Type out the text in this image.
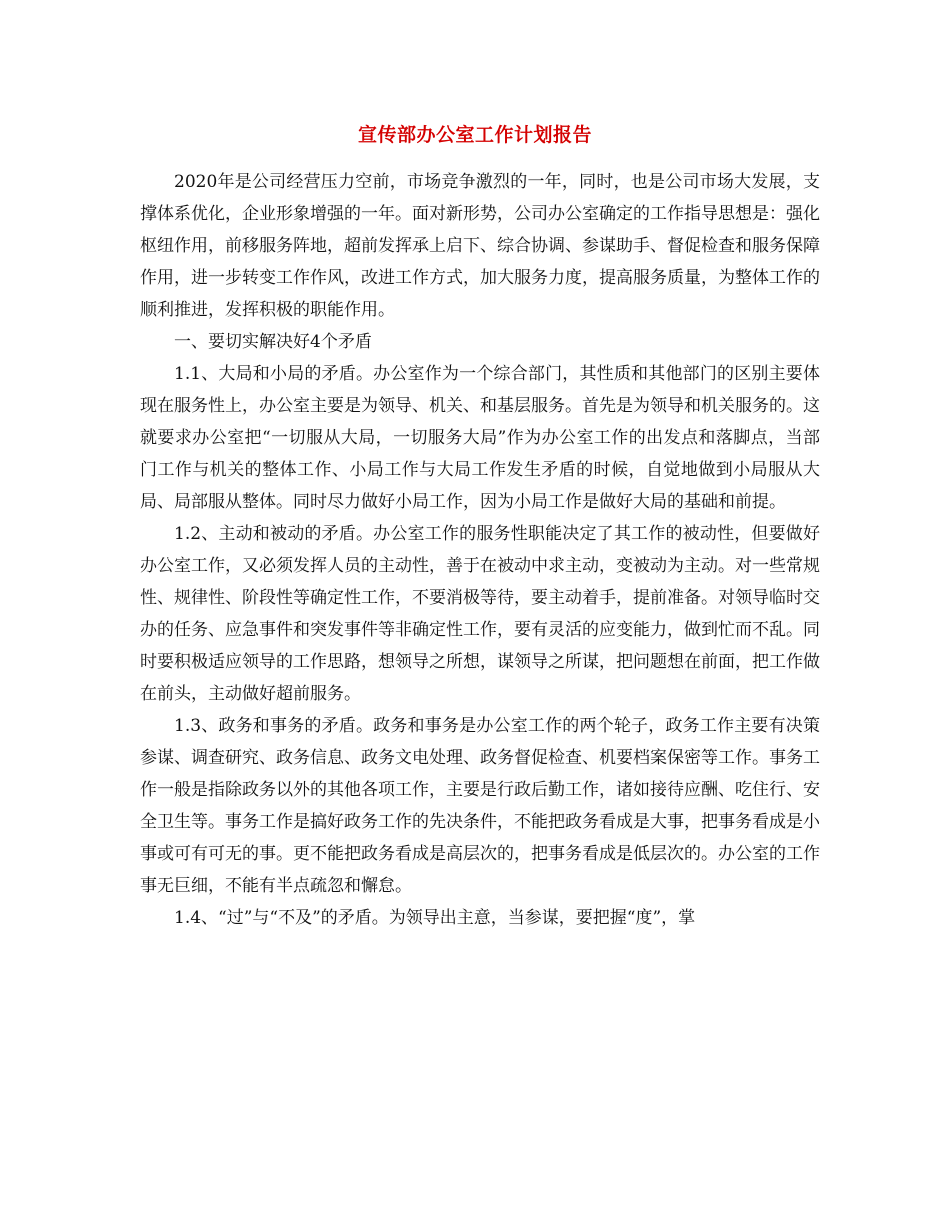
宣传部办公室工作计划报告

2020年是公司经营压力空前，市场竞争激烈的一年，同时，也是公司市场大发展，支撑体系优化，企业形象增强的一年。面对新形势，公司办公室确定的工作指导思想是：强化枢纽作用，前移服务阵地，超前发挥承上启下、综合协调、参谋助手、督促检查和服务保障作用，进一步转变工作作风，改进工作方式，加大服务力度，提高服务质量，为整体工作的顺利推进，发挥积极的职能作用。

一、要切实解决好4个矛盾

1.1、大局和小局的矛盾。办公室作为一个综合部门，其性质和其他部门的区别主要体现在服务性上，办公室主要是为领导、机关、和基层服务。首先是为领导和机关服务的。这就要求办公室把“一切服从大局，一切服务大局”作为办公室工作的出发点和落脚点，当部门工作与机关的整体工作、小局工作与大局工作发生矛盾的时候，自觉地做到小局服从大局、局部服从整体。同时尽力做好小局工作，因为小局工作是做好大局的基础和前提。

1.2、主动和被动的矛盾。办公室工作的服务性职能决定了其工作的被动性，但要做好办公室工作，又必须发挥人员的主动性，善于在被动中求主动，变被动为主动。对一些常规性、规律性、阶段性等确定性工作，不要消极等待，要主动着手，提前准备。对领导临时交办的任务、应急事件和突发事件等非确定性工作，要有灵活的应变能力，做到忙而不乱。同时要积极适应领导的工作思路，想领导之所想，谋领导之所谋，把问题想在前面，把工作做在前头，主动做好超前服务。

1.3、政务和事务的矛盾。政务和事务是办公室工作的两个轮子，政务工作主要有决策参谋、调查研究、政务信息、政务文电处理、政务督促检查、机要档案保密等工作。事务工作一般是指除政务以外的其他各项工作，主要是行政后勤工作，诸如接待应酬、吃住行、安全卫生等。事务工作是搞好政务工作的先决条件，不能把政务看成是大事，把事务看成是小事或可有可无的事。更不能把政务看成是高层次的，把事务看成是低层次的。办公室的工作事无巨细，不能有半点疏忽和懈怠。

1.4、“过”与“不及”的矛盾。为领导出主意，当参谋，要把握“度”，掌
